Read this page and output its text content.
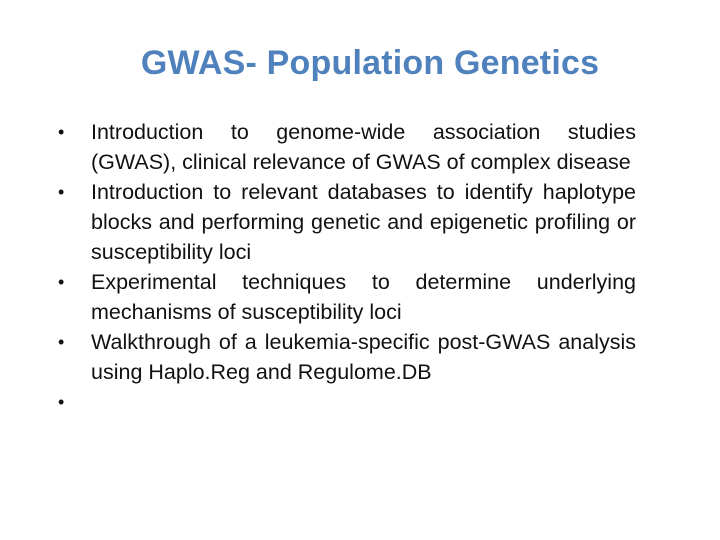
GWAS- Population Genetics
•	Introduction to genome-wide association studies (GWAS), clinical relevance of GWAS of complex disease
•	Introduction to relevant databases to identify haplotype blocks and performing genetic and epigenetic profiling or susceptibility loci
•	Experimental techniques to determine underlying mechanisms of susceptibility loci
•	Walkthrough of a leukemia-specific post-GWAS analysis using Haplo.Reg and Regulome.DB
•
